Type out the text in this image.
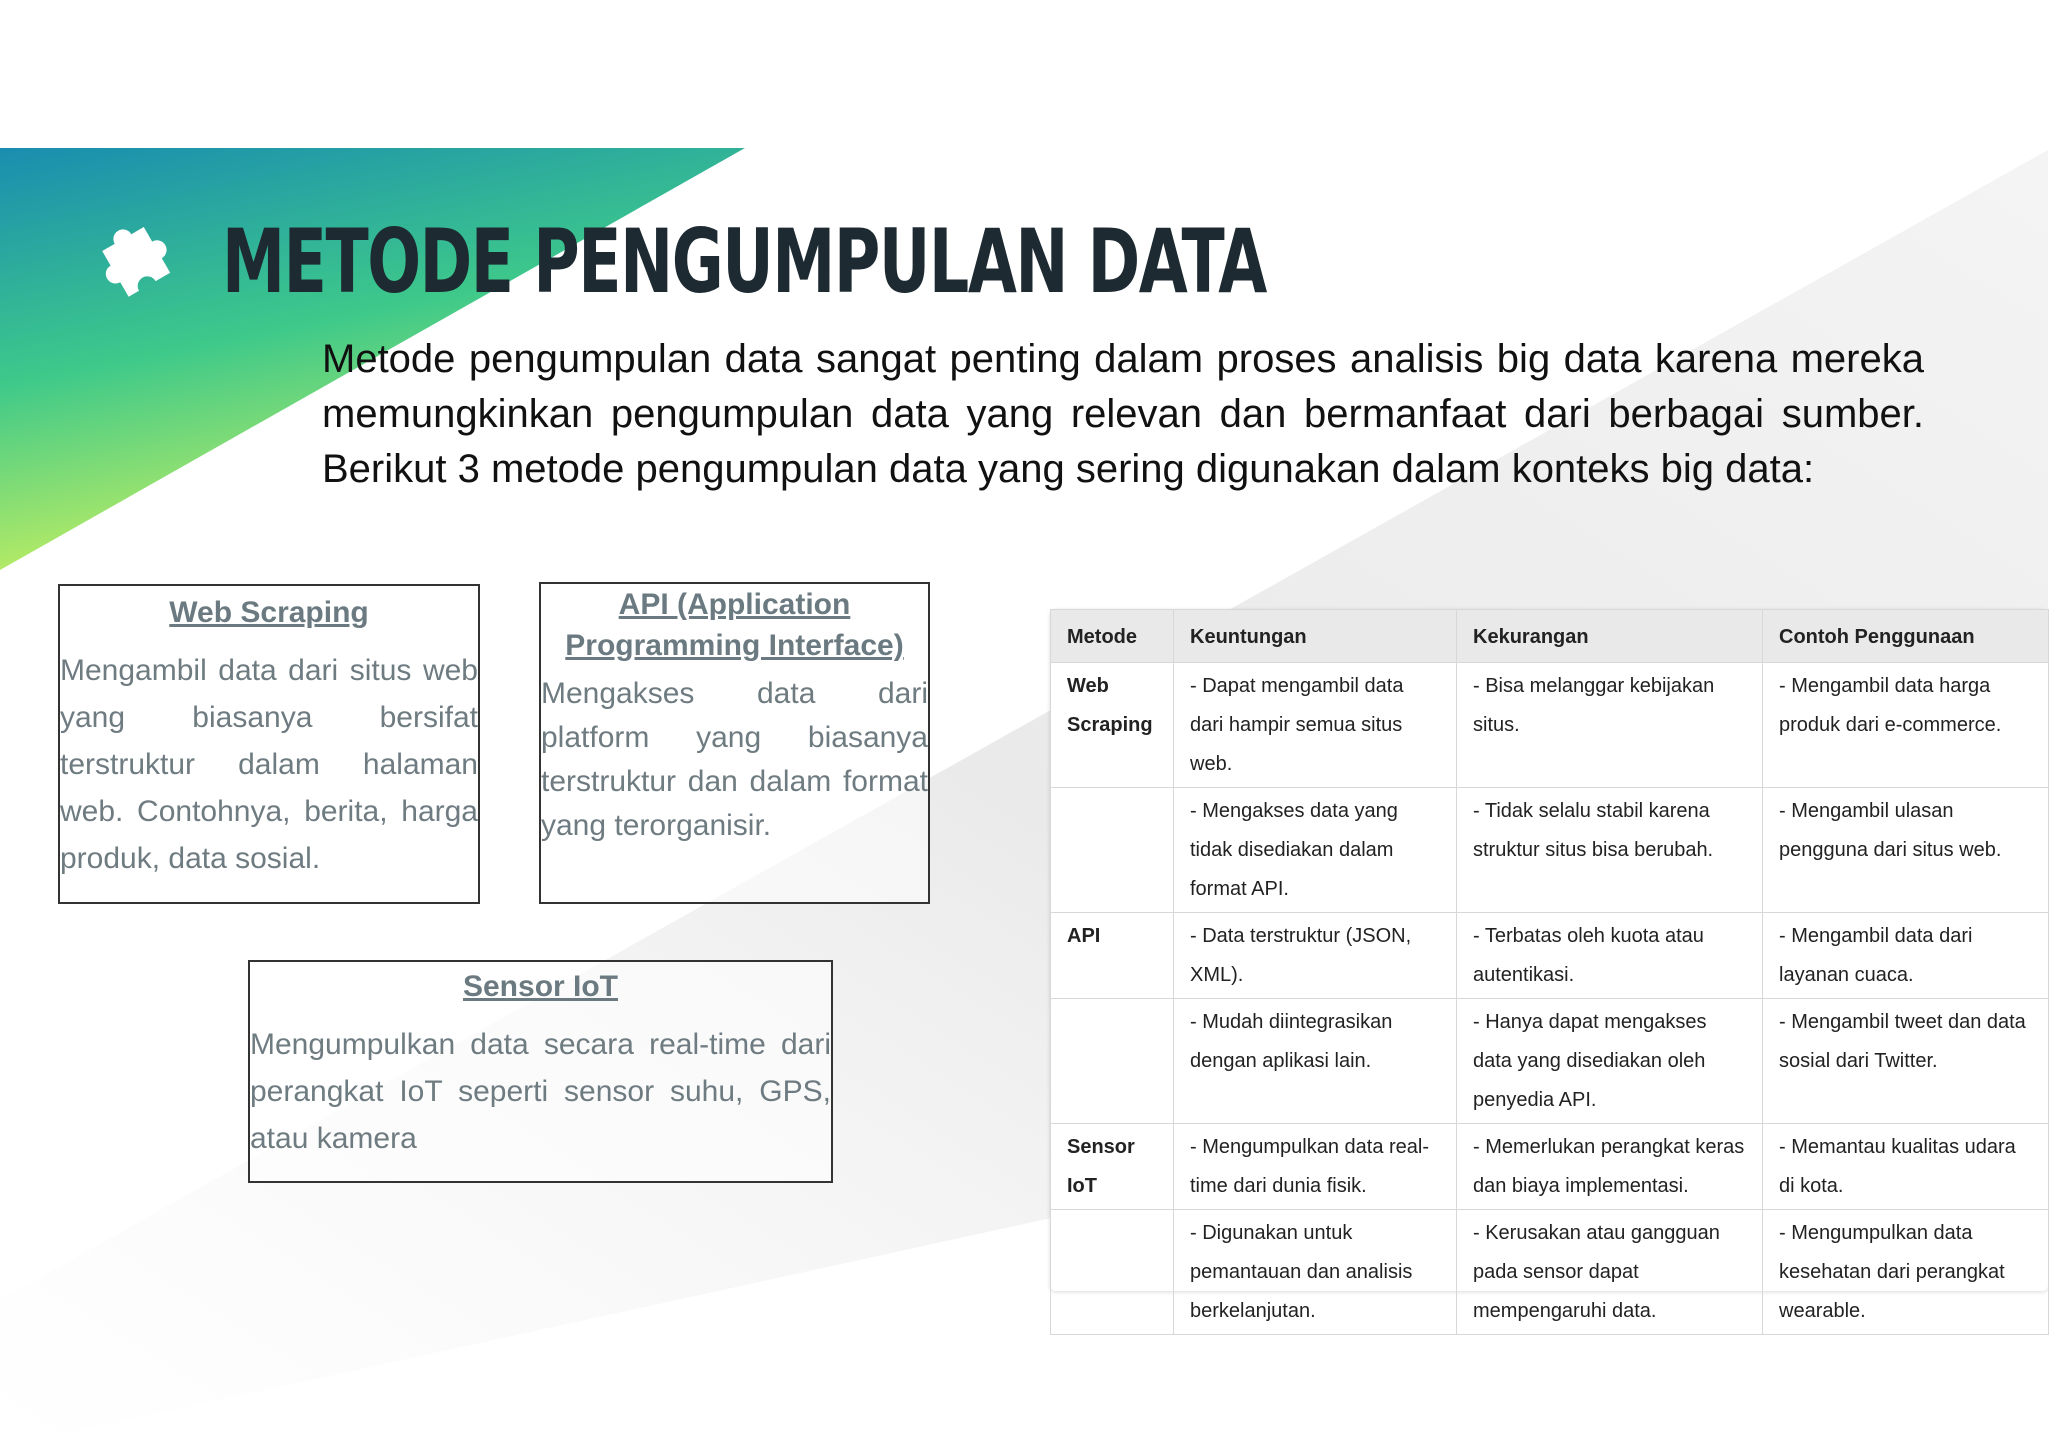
METODE PENGUMPULAN DATA

Metode pengumpulan data sangat penting dalam proses analisis big data karena mereka memungkinkan pengumpulan data yang relevan dan bermanfaat dari berbagai sumber. Berikut 3 metode pengumpulan data yang sering digunakan dalam konteks big data:

Web Scraping

Mengambil data dari situs web yang biasanya bersifat terstruktur dalam halaman web. Contohnya, berita, harga produk, data sosial.

API (Application Programming Interface)

Mengakses data dari platform yang biasanya terstruktur dan dalam format yang terorganisir.

Sensor IoT

Mengumpulkan data secara real-time dari perangkat IoT seperti sensor suhu, GPS, atau kamera

Metode	Keuntungan	Kekurangan	Contoh Penggunaan
Web Scraping	- Dapat mengambil data dari hampir semua situs web.	- Bisa melanggar kebijakan situs.	- Mengambil data harga produk dari e-commerce.
	- Mengakses data yang tidak disediakan dalam format API.	- Tidak selalu stabil karena struktur situs bisa berubah.	- Mengambil ulasan pengguna dari situs web.
API	- Data terstruktur (JSON, XML).	- Terbatas oleh kuota atau autentikasi.	- Mengambil data dari layanan cuaca.
	- Mudah diintegrasikan dengan aplikasi lain.	- Hanya dapat mengakses data yang disediakan oleh penyedia API.	- Mengambil tweet dan data sosial dari Twitter.
Sensor IoT	- Mengumpulkan data real-time dari dunia fisik.	- Memerlukan perangkat keras dan biaya implementasi.	- Memantau kualitas udara di kota.
	- Digunakan untuk pemantauan dan analisis berkelanjutan.	- Kerusakan atau gangguan pada sensor dapat mempengaruhi data.	- Mengumpulkan data kesehatan dari perangkat wearable.
